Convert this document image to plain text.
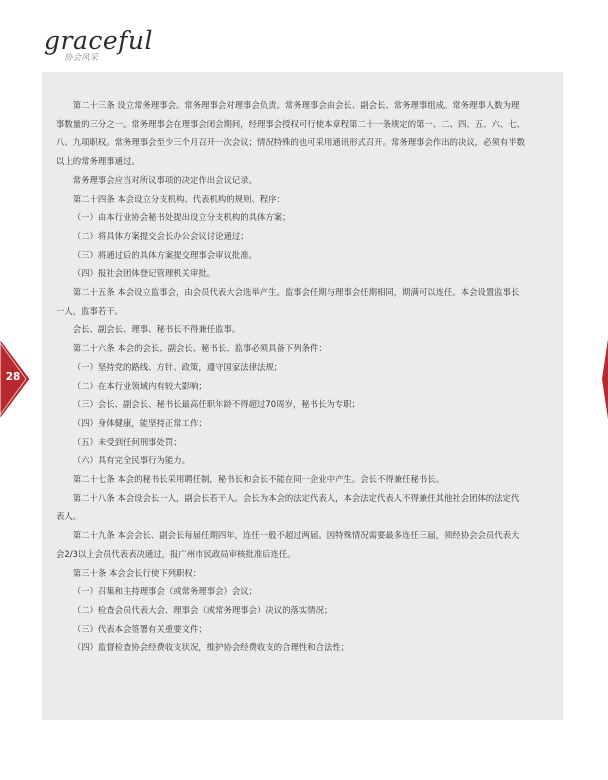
graceful
协会风采

第二十三条 设立常务理事会。常务理事会对理事会负责。常务理事会由会长、副会长、常务理事组成。常务理事人数为理事数量的三分之一。常务理事会在理事会闭会期间，经理事会授权可行使本章程第二十一条规定的第一、二、四、五、六、七、八、九项职权。常务理事会至少三个月召开一次会议；情况特殊的也可采用通讯形式召开。常务理事会作出的决议，必须有半数以上的常务理事通过。

常务理事会应当对所议事项的决定作出会议记录。

第二十四条 本会设立分支机构、代表机构的规则、程序：

（一）由本行业协会秘书处提出设立分支机构的具体方案；

（二）将具体方案提交会长办公会议讨论通过；

（三）将通过后的具体方案提交理事会审议批准。

（四）报社会团体登记管理机关审批。

第二十五条 本会设立监事会，由会员代表大会选举产生。监事会任期与理事会任期相同，期满可以连任。本会设置监事长一人，监事若干。

会长、副会长、理事、秘书长不得兼任监事。

第二十六条 本会的会长、副会长、秘书长、监事必须具备下列条件：

（一）坚持党的路线、方针、政策，遵守国家法律法规；

（二）在本行业领域内有较大影响；

（三）会长、副会长、秘书长最高任职年龄不得超过70周岁，秘书长为专职；

（四）身体健康，能坚持正常工作；

（五）未受到任何刑事处罚；

（六）具有完全民事行为能力。

第二十七条 本会的秘书长采用聘任制，秘书长和会长不能在同一企业中产生。会长不得兼任秘书长。

第二十八条 本会设会长一人，副会长若干人。会长为本会的法定代表人，本会法定代表人不得兼任其他社会团体的法定代表人。

第二十九条 本会会长、副会长每届任期四年，连任一般不超过两届。因特殊情况需要最多连任三届，须经协会会员代表大会2/3以上会员代表表决通过，报广州市民政局审核批准后连任。

第三十条 本会会长行使下列职权：

（一）召集和主持理事会（或常务理事会）会议；

（二）检查会员代表大会、理事会（或常务理事会）决议的落实情况；

（三）代表本会签署有关重要文件；

（四）监督检查协会经费收支状况，维护协会经费收支的合理性和合法性；

28
